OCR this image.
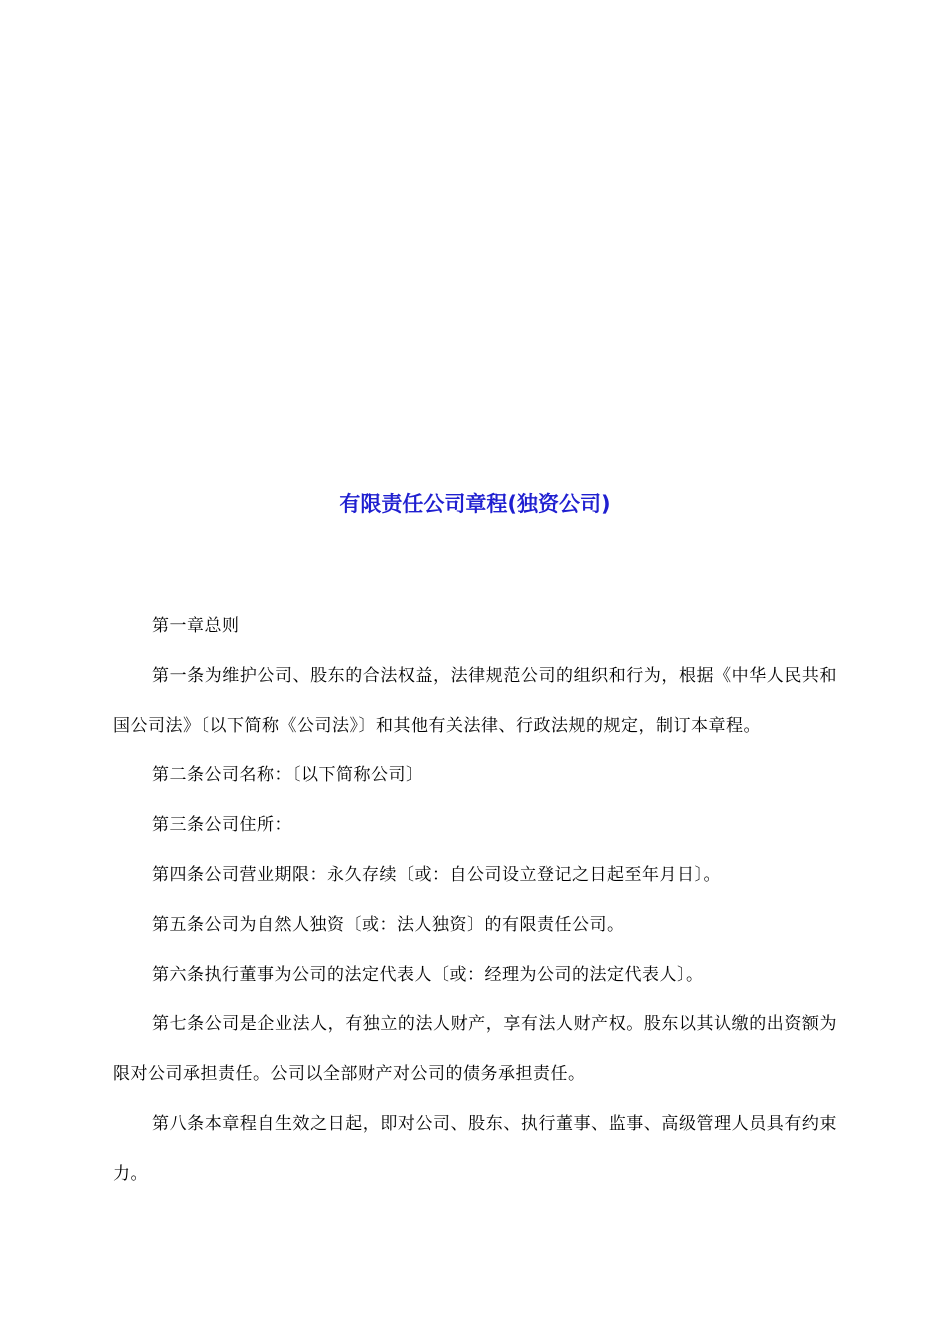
有限责任公司章程(独资公司)

第一章总则

第一条为维护公司、股东的合法权益，法律规范公司的组织和行为，根据《中华人民共和国公司法》〔以下简称《公司法》〕和其他有关法律、行政法规的规定，制订本章程。

第二条公司名称：〔以下简称公司〕

第三条公司住所：

第四条公司营业期限：永久存续〔或：自公司设立登记之日起至年月日〕。

第五条公司为自然人独资〔或：法人独资〕的有限责任公司。

第六条执行董事为公司的法定代表人〔或：经理为公司的法定代表人〕。

第七条公司是企业法人，有独立的法人财产，享有法人财产权。股东以其认缴的出资额为限对公司承担责任。公司以全部财产对公司的债务承担责任。

第八条本章程自生效之日起，即对公司、股东、执行董事、监事、高级管理人员具有约束力。
